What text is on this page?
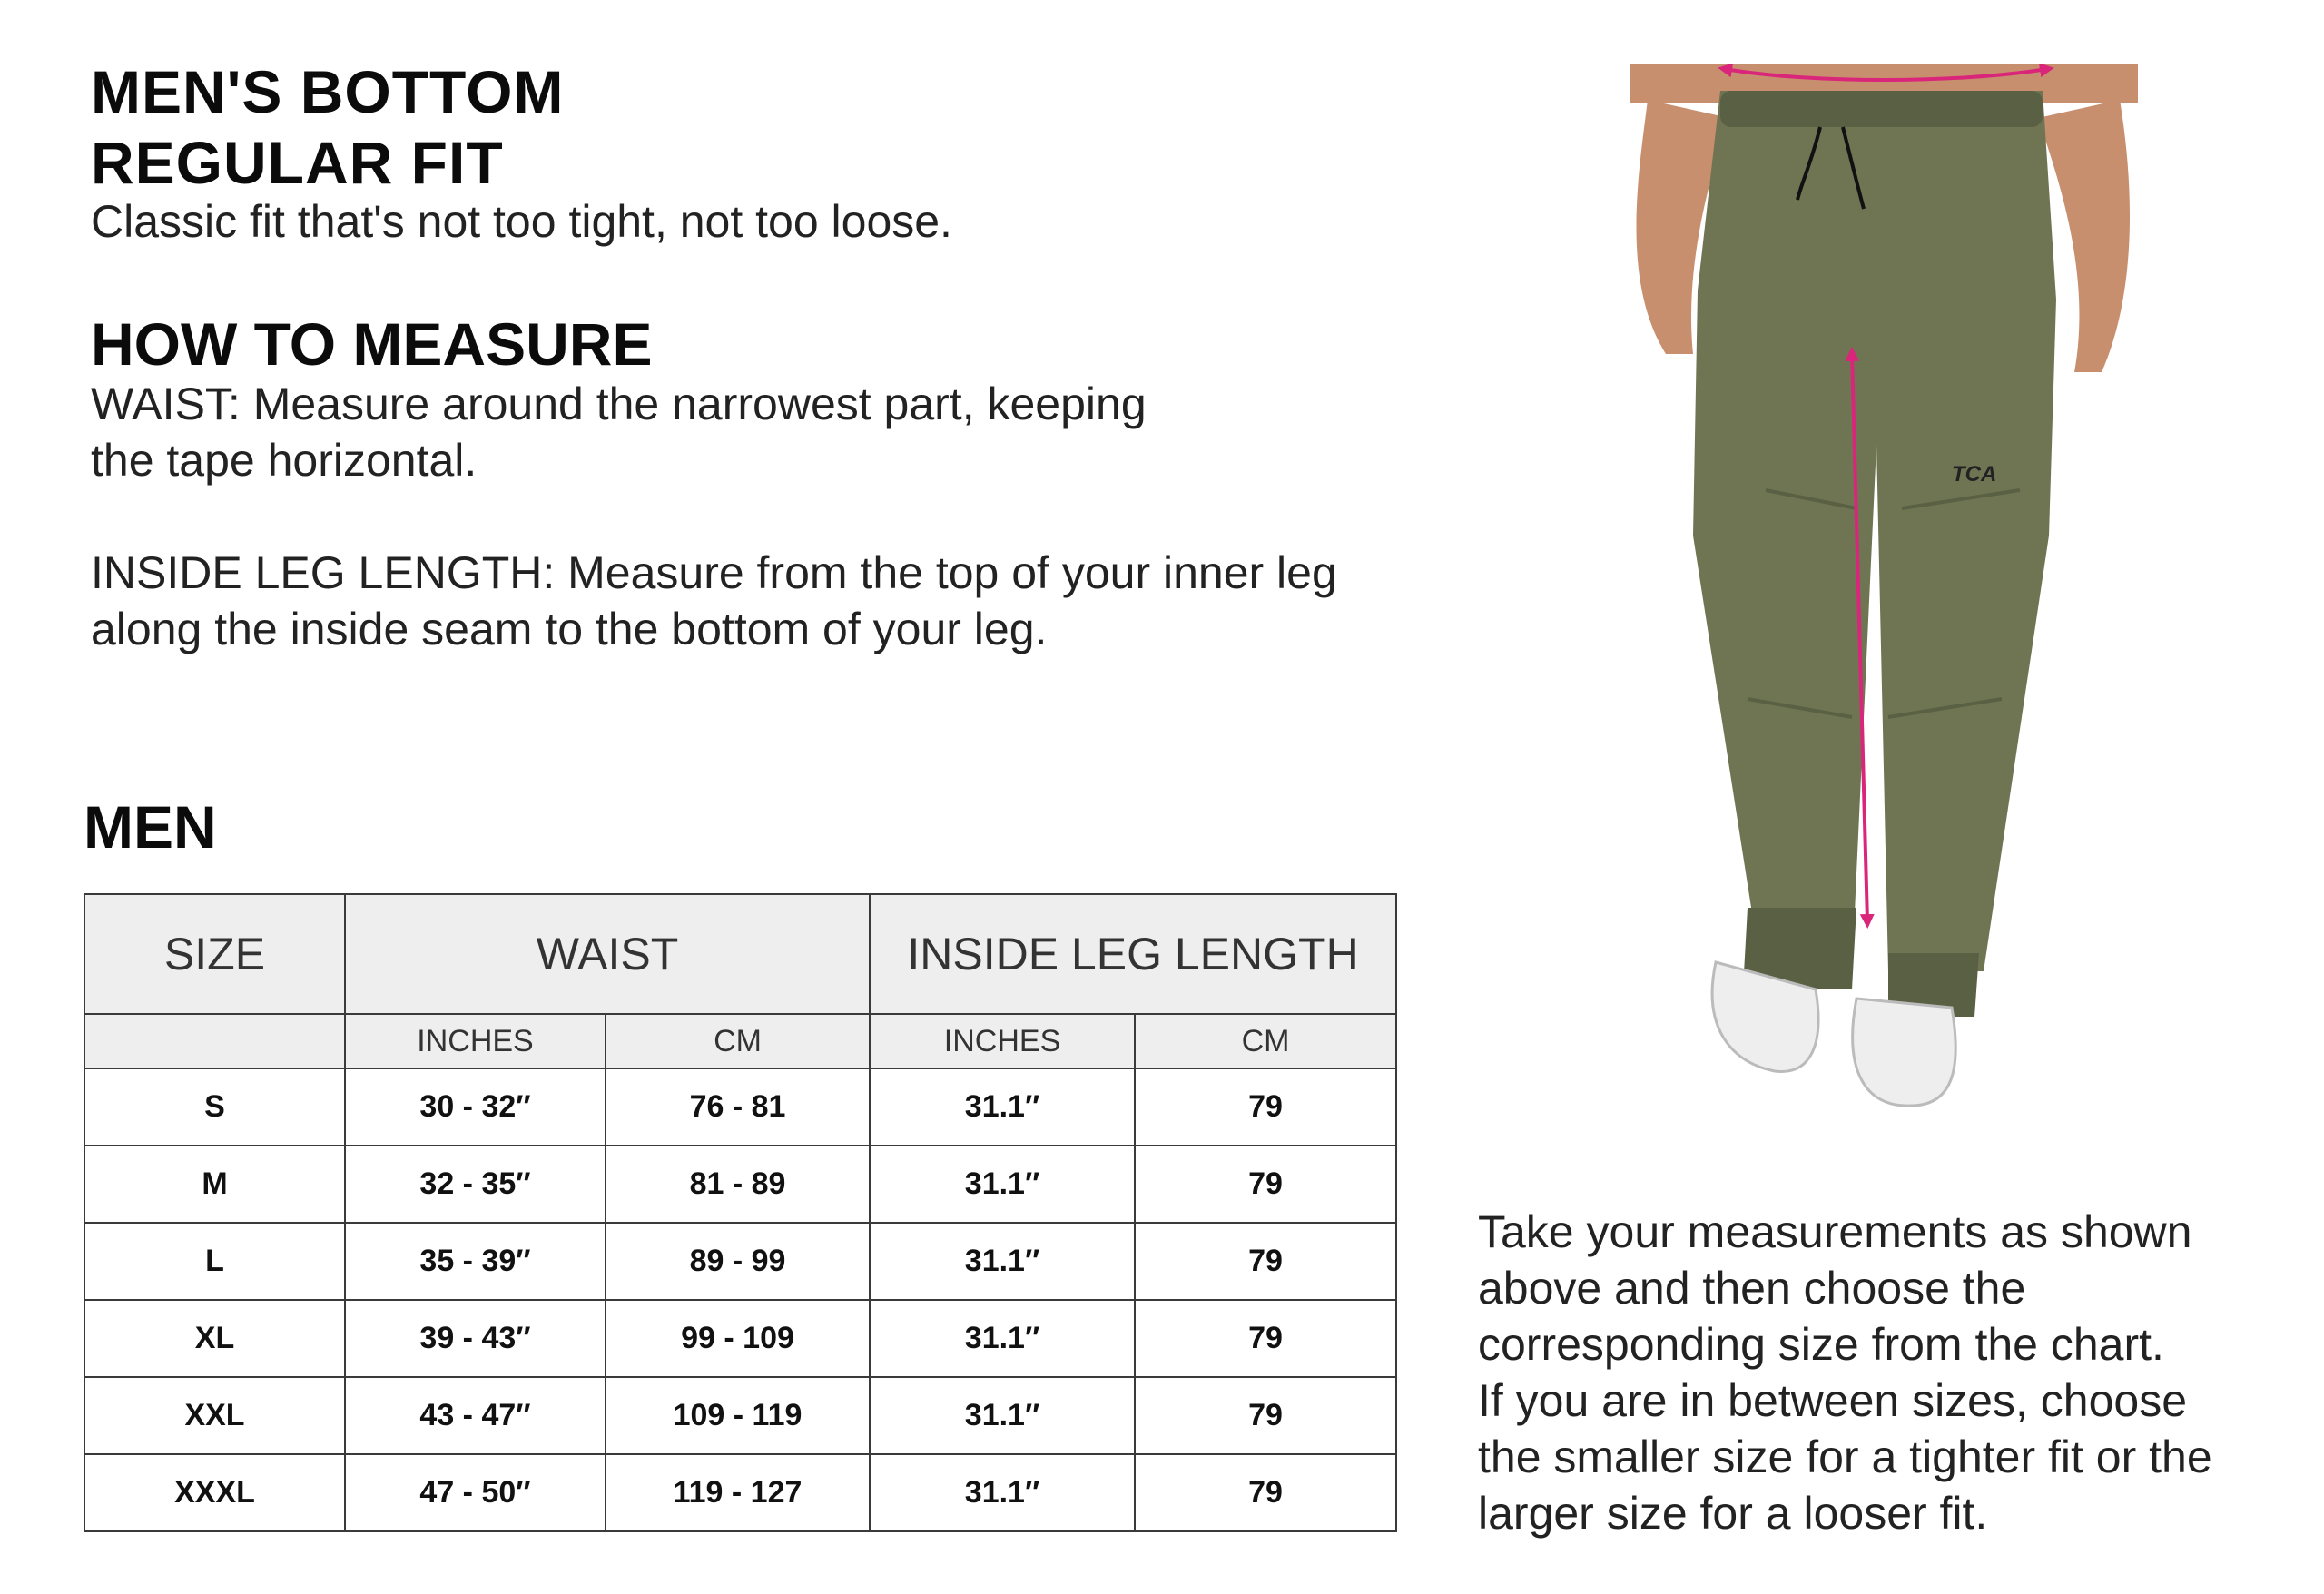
MEN'S BOTTOM
REGULAR FIT
Classic fit that's not too tight, not too loose.
HOW TO MEASURE
WAIST: Measure around the narrowest part, keeping
the tape horizontal.
INSIDE LEG LENGTH: Measure from the top of your inner leg
along the inside seam to the bottom of your leg.
MEN
SIZE	WAIST		INSIDE LEG LENGTH	
	INCHES	CM	INCHES	CM
S	30 - 32″	76 - 81	31.1″	79
M	32 - 35″	81 - 89	31.1″	79
L	35 - 39″	89 - 99	31.1″	79
XL	39 - 43″	99 - 109	31.1″	79
XXL	43 - 47″	109 - 119	31.1″	79
XXXL	47 - 50″	119 - 127	31.1″	79
Take your measurements as shown
above and then choose the
corresponding size from the chart.
If you are in between sizes, choose
the smaller size for a tighter fit or the
larger size for a looser fit.
TCA
